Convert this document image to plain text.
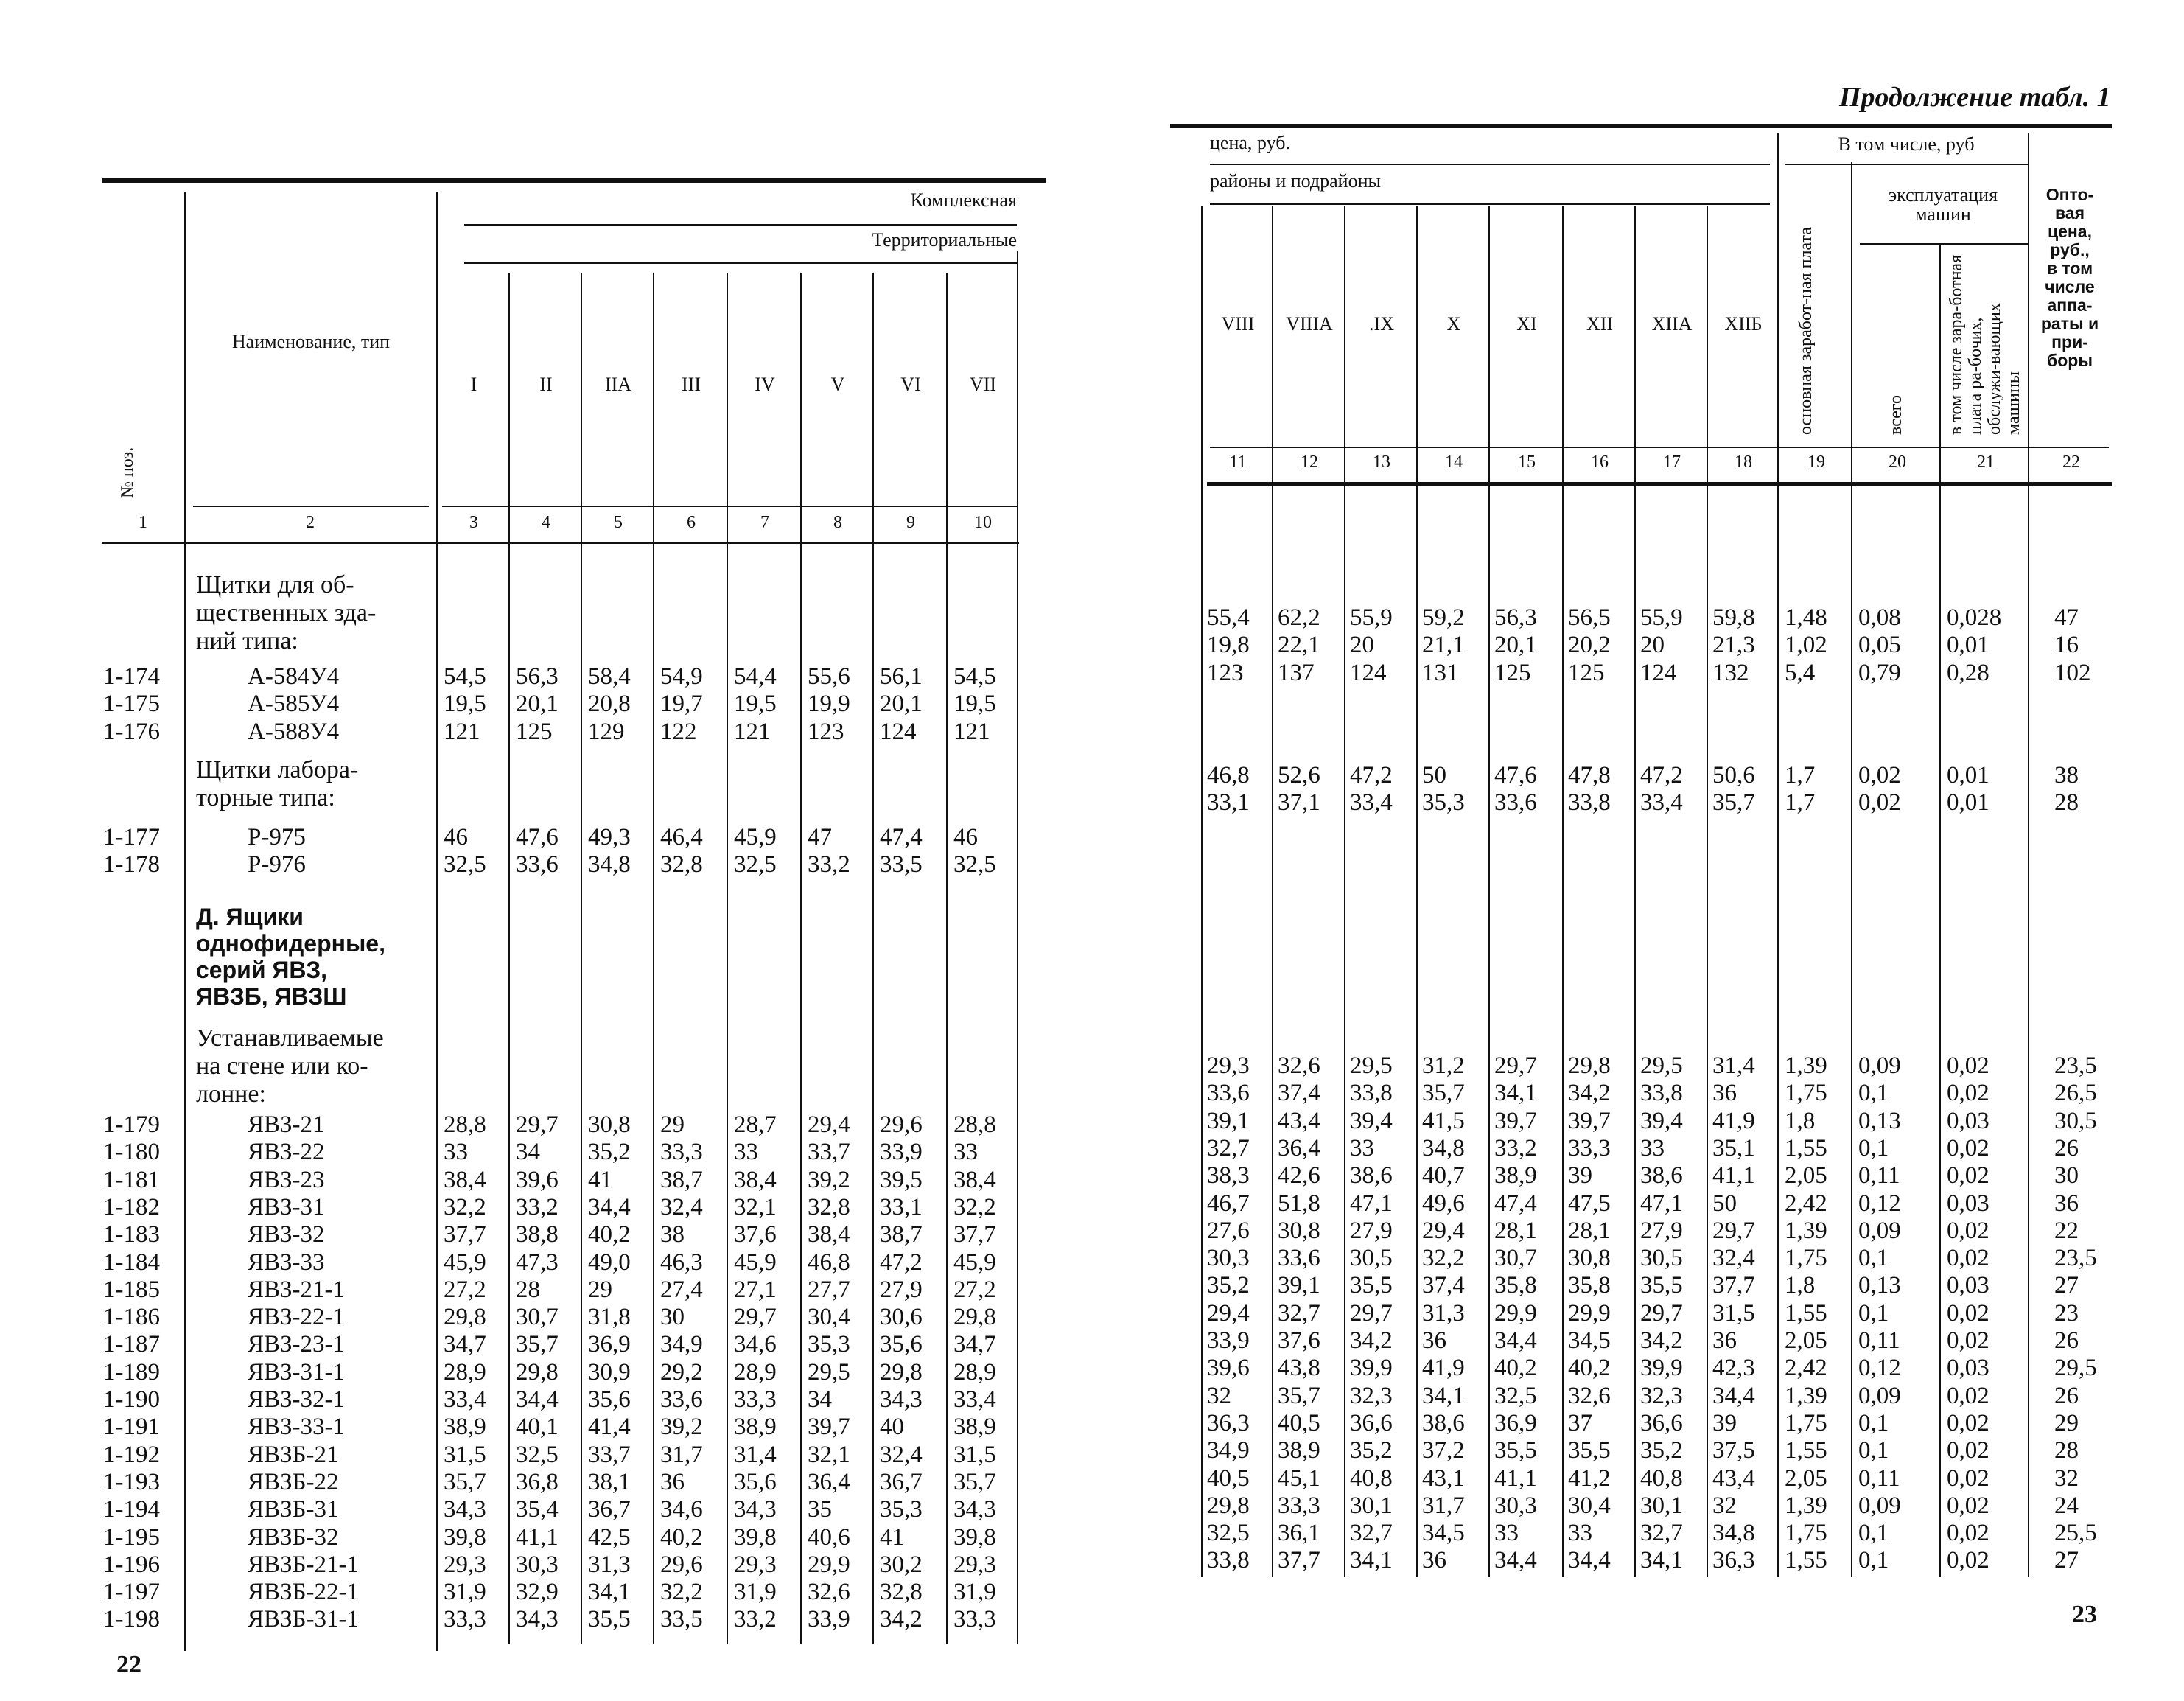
Комплексная
Территориальные
Наименование, тип
№ поз.
I	II	IIA	III	IV	V	VI	VII
1	2	3	4	5	6	7	8	9	10
Щитки для об-
щественных зда-
ний типа:
Щитки лабора-
торные типа:
Д. Ящики
однофидерные,
серий ЯВЗ,
ЯВЗБ, ЯВЗШ
Устанавливаемые
на стене или ко-
лонне:
1-174	А-584У4	54,5 56,3 58,4 54,9 54,4 55,6 56,1 54,5
1-175	А-585У4	19,5 20,1 20,8 19,7 19,5 19,9 20,1 19,5
1-176	А-588У4	121 125 129 122 121 123 124 121
1-177	Р-975	46 47,6 49,3 46,4 45,9 47 47,4 46
1-178	Р-976	32,5 33,6 34,8 32,8 32,5 33,2 33,5 32,5
1-179	ЯВЗ-21	28,8 29,7 30,8 29 28,7 29,4 29,6 28,8
1-180	ЯВЗ-22	33 34 35,2 33,3 33 33,7 33,9 33
1-181	ЯВЗ-23	38,4 39,6 41 38,7 38,4 39,2 39,5 38,4
1-182	ЯВЗ-31	32,2 33,2 34,4 32,4 32,1 32,8 33,1 32,2
1-183	ЯВЗ-32	37,7 38,8 40,2 38 37,6 38,4 38,7 37,7
1-184	ЯВЗ-33	45,9 47,3 49,0 46,3 45,9 46,8 47,2 45,9
1-185	ЯВЗ-21-1	27,2 28 29 27,4 27,1 27,7 27,9 27,2
1-186	ЯВЗ-22-1	29,8 30,7 31,8 30 29,7 30,4 30,6 29,8
1-187	ЯВЗ-23-1	34,7 35,7 36,9 34,9 34,6 35,3 35,6 34,7
1-189	ЯВЗ-31-1	28,9 29,8 30,9 29,2 28,9 29,5 29,8 28,9
1-190	ЯВЗ-32-1	33,4 34,4 35,6 33,6 33,3 34 34,3 33,4
1-191	ЯВЗ-33-1	38,9 40,1 41,4 39,2 38,9 39,7 40 38,9
1-192	ЯВЗБ-21	31,5 32,5 33,7 31,7 31,4 32,1 32,4 31,5
1-193	ЯВЗБ-22	35,7 36,8 38,1 36 35,6 36,4 36,7 35,7
1-194	ЯВЗБ-31	34,3 35,4 36,7 34,6 34,3 35 35,3 34,3
1-195	ЯВЗБ-32	39,8 41,1 42,5 40,2 39,8 40,6 41 39,8
1-196	ЯВЗБ-21-1	29,3 30,3 31,3 29,6 29,3 29,9 30,2 29,3
1-197	ЯВЗБ-22-1	31,9 32,9 34,1 32,2 31,9 32,6 32,8 31,9
1-198	ЯВЗБ-31-1	33,3 34,3 35,5 33,5 33,2 33,9 34,2 33,3
22
Продолжение табл. 1
цена, руб.
районы и подрайоны
В том числе, руб
эксплуатация машин
основная заработ-ная плата	всего в том числе зара-ботная плата ра-бочих, обслужи-вающих машины
Опто-
вая
цена,
руб.,
в том
числе
аппа-
раты и
при-
боры
VIII	VIIIA	.IX	X	XI	XII	XIIA	XIIБ
11	12	13	14	15	16	17	18	19	20	21	22
55,4 62,2 55,9 59,2 56,3 56,5 55,9 59,8 1,48 0,08 0,028 47
19,8 22,1 20 21,1 20,1 20,2 20 21,3 1,02 0,05 0,01	16
123 137 124 131 125 125 124 132 5,4 0,79 0,28	102
46,8 52,6 47,2 50 47,6 47,8 47,2 50,6 1,7 0,02 0,01	38
33,1 37,1 33,4 35,3 33,6 33,8 33,4 35,7 1,7 0,02 0,01	28
29,3 32,6 29,5 31,2 29,7 29,8 29,5 31,4 1,39 0,09 0,02	23,5
33,6 37,4 33,8 35,7 34,1 34,2 33,8 36 1,75 0,1 0,02	26,5
39,1 43,4 39,4 41,5 39,7 39,7 39,4 41,9 1,8 0,13 0,03	30,5
32,7 36,4 33 34,8 33,2 33,3 33 35,1 1,55 0,1 0,02	26
38,3 42,6 38,6 40,7 38,9 39 38,6 41,1 2,05 0,11 0,02	30
46,7 51,8 47,1 49,6 47,4 47,5 47,1 50 2,42 0,12 0,03	36
27,6 30,8 27,9 29,4 28,1 28,1 27,9 29,7 1,39 0,09 0,02	22
30,3 33,6 30,5 32,2 30,7 30,8 30,5 32,4 1,75 0,1 0,02	23,5
35,2 39,1 35,5 37,4 35,8 35,8 35,5 37,7 1,8 0,13 0,03	27
29,4 32,7 29,7 31,3 29,9 29,9 29,7 31,5 1,55 0,1 0,02	23
33,9 37,6 34,2 36 34,4 34,5 34,2 36 2,05 0,11 0,02	26
39,6 43,8 39,9 41,9 40,2 40,2 39,9 42,3 2,42 0,12 0,03	29,5
32 35,7 32,3 34,1 32,5 32,6 32,3 34,4 1,39 0,09 0,02	26
36,3 40,5 36,6 38,6 36,9 37 36,6 39 1,75 0,1 0,02	29
34,9 38,9 35,2 37,2 35,5 35,5 35,2 37,5 1,55 0,1 0,02	28
40,5 45,1 40,8 43,1 41,1 41,2 40,8 43,4 2,05 0,11 0,02	32
29,8 33,3 30,1 31,7 30,3 30,4 30,1 32 1,39 0,09 0,02	24
32,5 36,1 32,7 34,5 33 33 32,7 34,8 1,75 0,1 0,02	25,5
33,8 37,7 34,1 36 34,4 34,4 34,1 36,3 1,55 0,1 0,02	27
23
